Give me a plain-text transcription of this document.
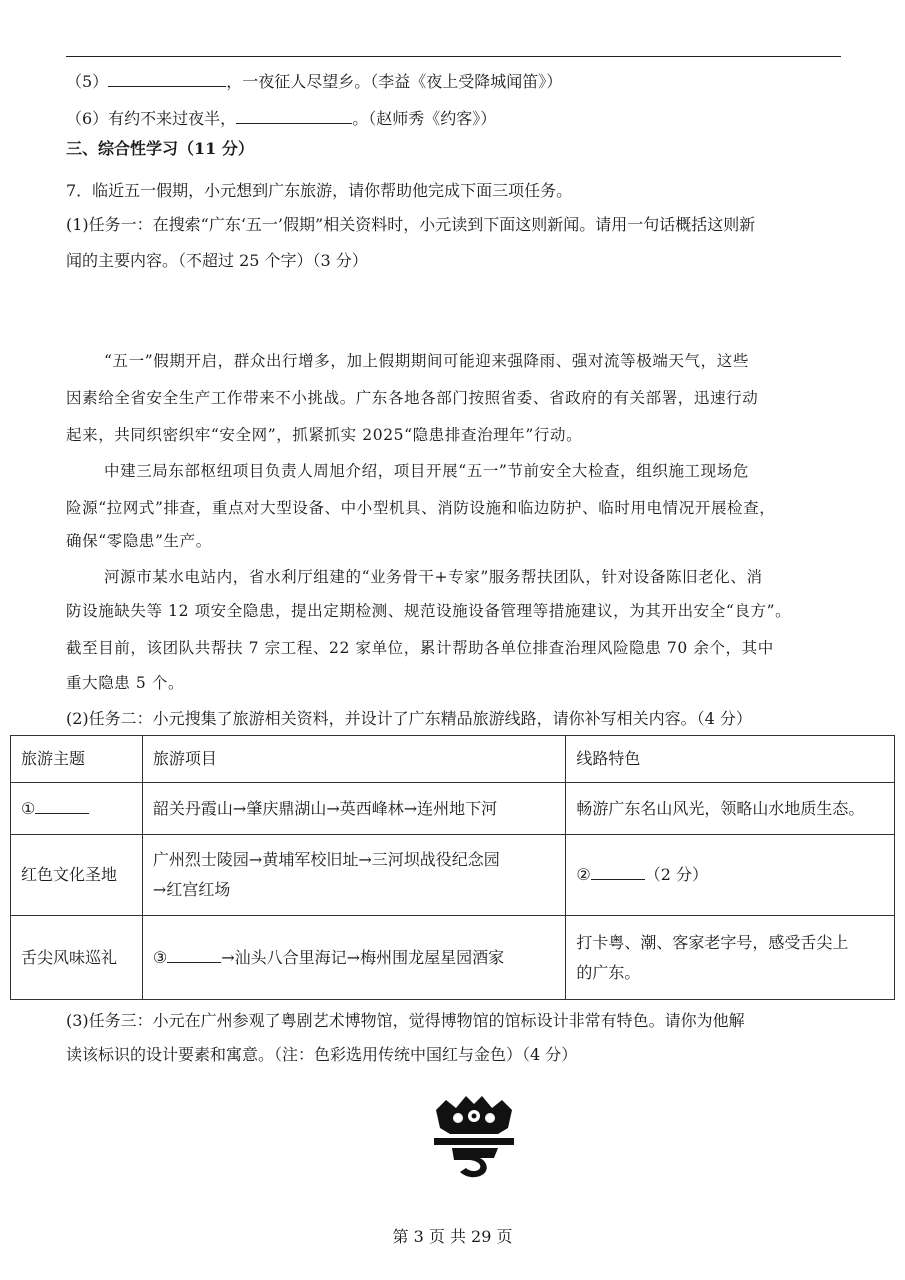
（5）	，一夜征人尽望乡。（李益《夜上受降城闻笛》）
（6）有约不来过夜半，	。（赵师秀《约客》）
三、综合性学习（11 分）
7．临近五一假期，小元想到广东旅游，请你帮助他完成下面三项任务。
(1)任务一：在搜索“广东‘五一’假期”相关资料时，小元读到下面这则新闻。请用一句话概括这则新
闻的主要内容。（不超过 25 个字）（3 分）
“五一”假期开启，群众出行增多，加上假期期间可能迎来强降雨、强对流等极端天气，这些
因素给全省安全生产工作带来不小挑战。广东各地各部门按照省委、省政府的有关部署，迅速行动
起来，共同织密织牢“安全网”，抓紧抓实 2025“隐患排查治理年”行动。
中建三局东部枢纽项目负责人周旭介绍，项目开展“五一”节前安全大检查，组织施工现场危
险源“拉网式”排查，重点对大型设备、中小型机具、消防设施和临边防护、临时用电情况开展检查，
确保“零隐患”生产。
河源市某水电站内，省水利厅组建的“业务骨干+专家”服务帮扶团队，针对设备陈旧老化、消
防设施缺失等 12 项安全隐患，提出定期检测、规范设施设备管理等措施建议，为其开出安全“良方”。
截至目前，该团队共帮扶 7 宗工程、22 家单位，累计帮助各单位排查治理风险隐患 70 余个，其中
重大隐患 5 个。
(2)任务二：小元搜集了旅游相关资料，并设计了广东精品旅游线路，请你补写相关内容。（4 分）
旅游主题	旅游项目	线路特色
①	韶关丹霞山→肇庆鼎湖山→英西峰林→连州地下河	畅游广东名山风光，领略山水地质生态。
红色文化圣地	广州烈士陵园→黄埔军校旧址→三河坝战役纪念园
→红宫红场	② （2 分）
舌尖风味巡礼	③ →汕头八合里海记→梅州围龙屋星园酒家	打卡粤、潮、客家老字号，感受舌尖上
的广东。
(3)任务三：小元在广州参观了粤剧艺术博物馆，觉得博物馆的馆标设计非常有特色。请你为他解
读该标识的设计要素和寓意。（注：色彩选用传统中国红与金色）（4 分）
第 3 页 共 29 页
